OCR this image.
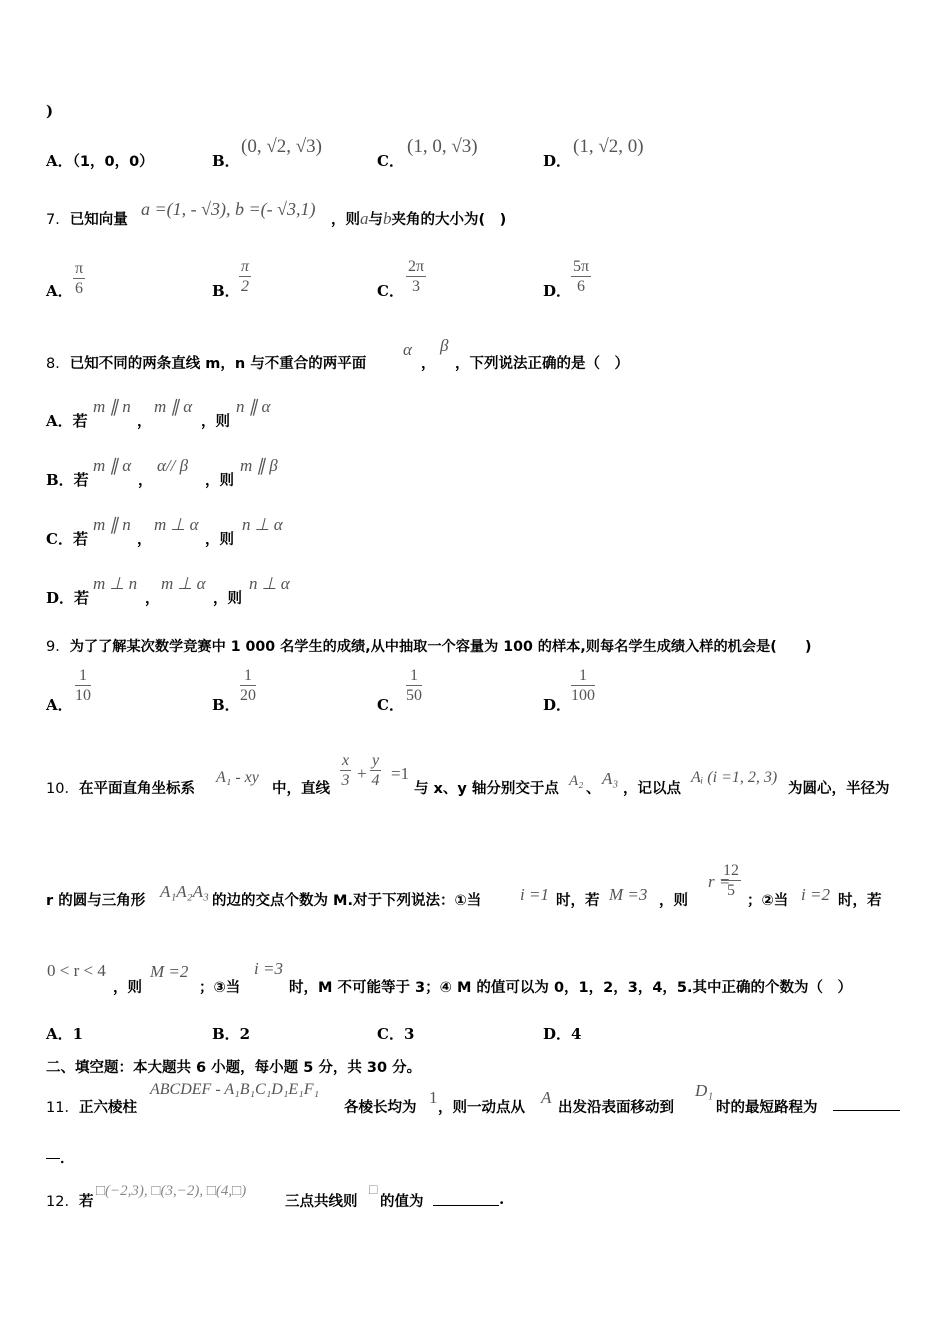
)
A．（1，0，0）	B．
(0, √2, √3)
C．
(1, 0, √3)
D．
(1, √2, 0)
7．已知向量
a =(1, - √3), b =(- √3,1)
，则a与b夹角的大小为(　)
A． $\frac{\pi}{6}$	B． $\frac{\pi}{2}$	C． $\frac{2\pi}{3}$	D． $\frac{5\pi}{6}$
8．已知不同的两条直线 m，n 与不重合的两平面
α
，
β
，下列说法正确的是（　）
A．若
m ∥ n
，
m ∥ α
，则
n ∥ α
B．若
m ∥ α
，
α// β
，则
m ∥ β
C．若
m ∥ n
，
m ⊥ α
，则
n ⊥ α
D．若
m ⊥ n
，
m ⊥ α
，则
n ⊥ α
9．为了了解某次数学竞赛中 1 000 名学生的成绩,从中抽取一个容量为 100 的样本,则每名学生成绩入样的机会是(　　)
A． $\frac{1}{10}$	B． $\frac{1}{20}$	C． $\frac{1}{50}$	D． $\frac{1}{100}$
10．在平面直角坐标系
A₁ - xy
中，直线 $\frac{x}{3} + \frac{y}{4} =1$
与 x、y 轴分别交于点 A₂ 、
A₃
，记以点
Aᵢ (i =1, 2, 3)
为圆心，半径为
r 的圆与三角形 A₁A₂A₃ 的边的交点个数为 M.对于下列说法：①当 i =1 时，若 M =3 ，则
r =
$\frac{12}{5}$ ；②当 i =2 时，若
0 < r < 4
，则
M =2
；③当
i =3
时，M 不可能等于 3；④ M 的值可以为 0，1，2，3，4，5.其中正确的个数为（　）
A．1	B．2	C．3	D．4
二、填空题：本大题共 6 小题，每小题 5 分，共 30 分。
11．正六棱柱
ABCDEF - A₁B₁C₁D₁E₁F₁
各棱长均为
1
，则一动点从
A
出发沿表面移动到
D₁
时的最短路程为
．
12．若
□(−2,3), □(3,−2), □(4,□)
三点共线则
□
的值为	.
